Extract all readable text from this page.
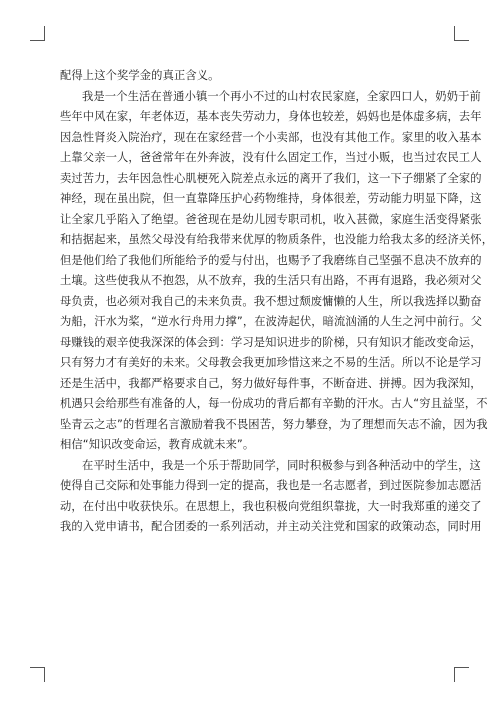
配得上这个奖学金的真正含义。
我是一个生活在普通小镇一个再小不过的山村农民家庭，全家四口人，奶奶于前
些年中风在家，年老体迈，基本丧失劳动力，身体也较差，妈妈也是体虚多病，去年
因急性肾炎入院治疗，现在在家经营一个小卖部，也没有其他工作。家里的收入基本
上靠父亲一人，爸爸常年在外奔波，没有什么固定工作，当过小贩，也当过农民工人
卖过苦力，去年因急性心肌梗死入院差点永远的离开了我们，这一下子绷紧了全家的
神经，现在虽出院，但一直靠降压护心药物维持，身体很差，劳动能力明显下降，这
让全家几乎陷入了绝望。爸爸现在是幼儿园专职司机，收入甚微，家庭生活变得紧张
和拮据起来，虽然父母没有给我带来优厚的物质条件，也没能力给我太多的经济关怀，
但是他们给了我他们所能给予的爱与付出，也赐予了我磨练自己坚强不息决不放弃的
土壤。这些使我从不抱怨，从不放弃，我的生活只有出路，不再有退路，我必须对父
母负责，也必须对我自己的未来负责。我不想过颓废慵懒的人生，所以我选择以勤奋
为船，汗水为桨，“逆水行舟用力撑”，在波涛起伏，暗流汹涌的人生之河中前行。父
母赚钱的艰辛使我深深的体会到：学习是知识进步的阶梯，只有知识才能改变命运，
只有努力才有美好的未来。父母教会我更加珍惜这来之不易的生活。所以不论是学习
还是生活中，我都严格要求自己，努力做好每件事，不断奋进、拼搏。因为我深知，
机遇只会给那些有准备的人，每一份成功的背后都有辛勤的汗水。古人“穷且益坚，不
坠青云之志”的哲理名言激励着我不畏困苦，努力攀登，为了理想而矢志不渝，因为我
相信“知识改变命运，教育成就未来”。
在平时生活中，我是一个乐于帮助同学，同时积极参与到各种活动中的学生，这
使得自己交际和处事能力得到一定的提高，我也是一名志愿者，到过医院参加志愿活
动，在付出中收获快乐。在思想上，我也积极向党组织靠拢，大一时我郑重的递交了
我的入党申请书，配合团委的一系列活动，并主动关注党和国家的政策动态，同时用
